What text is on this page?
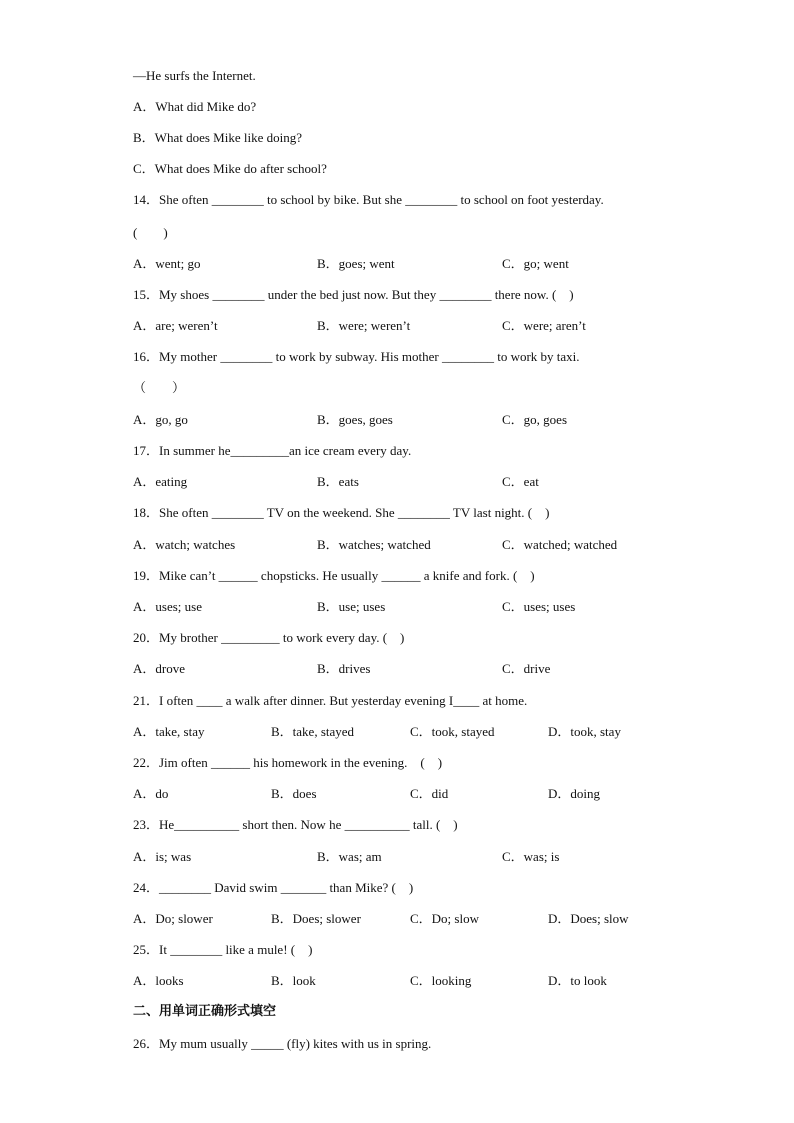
—He surfs the Internet.
A．What did Mike do?
B．What does Mike like doing?
C．What does Mike do after school?
14．She often ________ to school by bike. But she ________ to school on foot yesterday.
(　　)
A．went; go	B．goes; went	C．go; went
15．My shoes ________ under the bed just now. But they ________ there now. (　)
A．are; weren’t	B．were; weren’t	C．were; aren’t
16．My mother ________ to work by subway. His mother ________ to work by taxi.
（　　）
A．go, go	B．goes, goes	C．go, goes
17．In summer he_________an ice cream every day.
A．eating	B．eats	C．eat
18．She often ________ TV on the weekend. She ________ TV last night. (　)
A．watch; watches	B．watches; watched	C．watched; watched
19．Mike can’t ______ chopsticks. He usually ______ a knife and fork. (　)
A．uses; use	B．use; uses	C．uses; uses
20．My brother _________ to work every day. (　)
A．drove	B．drives	C．drive
21．I often ____ a walk after dinner. But yesterday evening I____ at home.
A．take, stay	B．take, stayed	C．took, stayed	D．took, stay
22．Jim often ______ his homework in the evening.　(　)
A．do	B．does	C．did	D．doing
23．He__________ short then. Now he __________ tall. (　)
A．is; was	B．was; am	C．was; is
24．________ David swim _______ than Mike? (　)
A．Do; slower	B．Does; slower	C．Do; slow	D．Does; slow
25．It ________ like a mule! (　)
A．looks	B．look	C．looking	D．to look
二、用单词正确形式填空
26．My mum usually _____ (fly) kites with us in spring.
